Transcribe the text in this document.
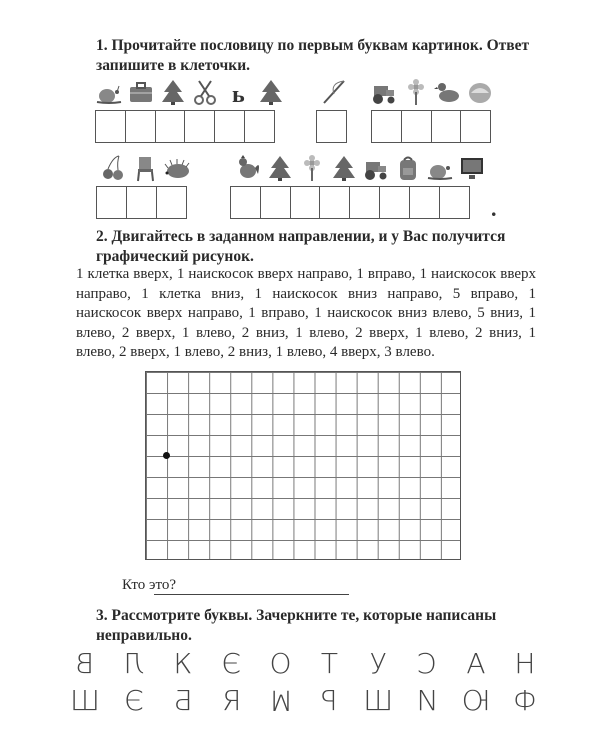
1. Прочитайте пословицу по первым буквам картинок. Ответ запишите в клеточки.
ь
.
2. Двигайтесь в заданном направлении, и у Вас получится графический рисунок.
1 клетка вверх, 1 наискосок вверх направо, 1 вправо, 1 наискосок вверх направо, 1 клетка вниз, 1 наискосок вниз направо, 5 вправо, 1 наискосок вверх направо, 1 вправо, 1 наискосок вниз влево, 5 вниз, 1 влево, 2 вверх, 1 влево, 2 вниз, 1 влево, 2 вверх, 1 влево, 2 вниз, 1 влево, 2 вверх, 1 влево, 2 вниз, 1 влево, 4 вверх, 3 влево.
Кто это?
3. Рассмотрите буквы. Зачеркните те, которые написаны неправильно.
В Л К Э О Т У С А Н
Ш Є Б Я М Р Ш И Ю Ф
